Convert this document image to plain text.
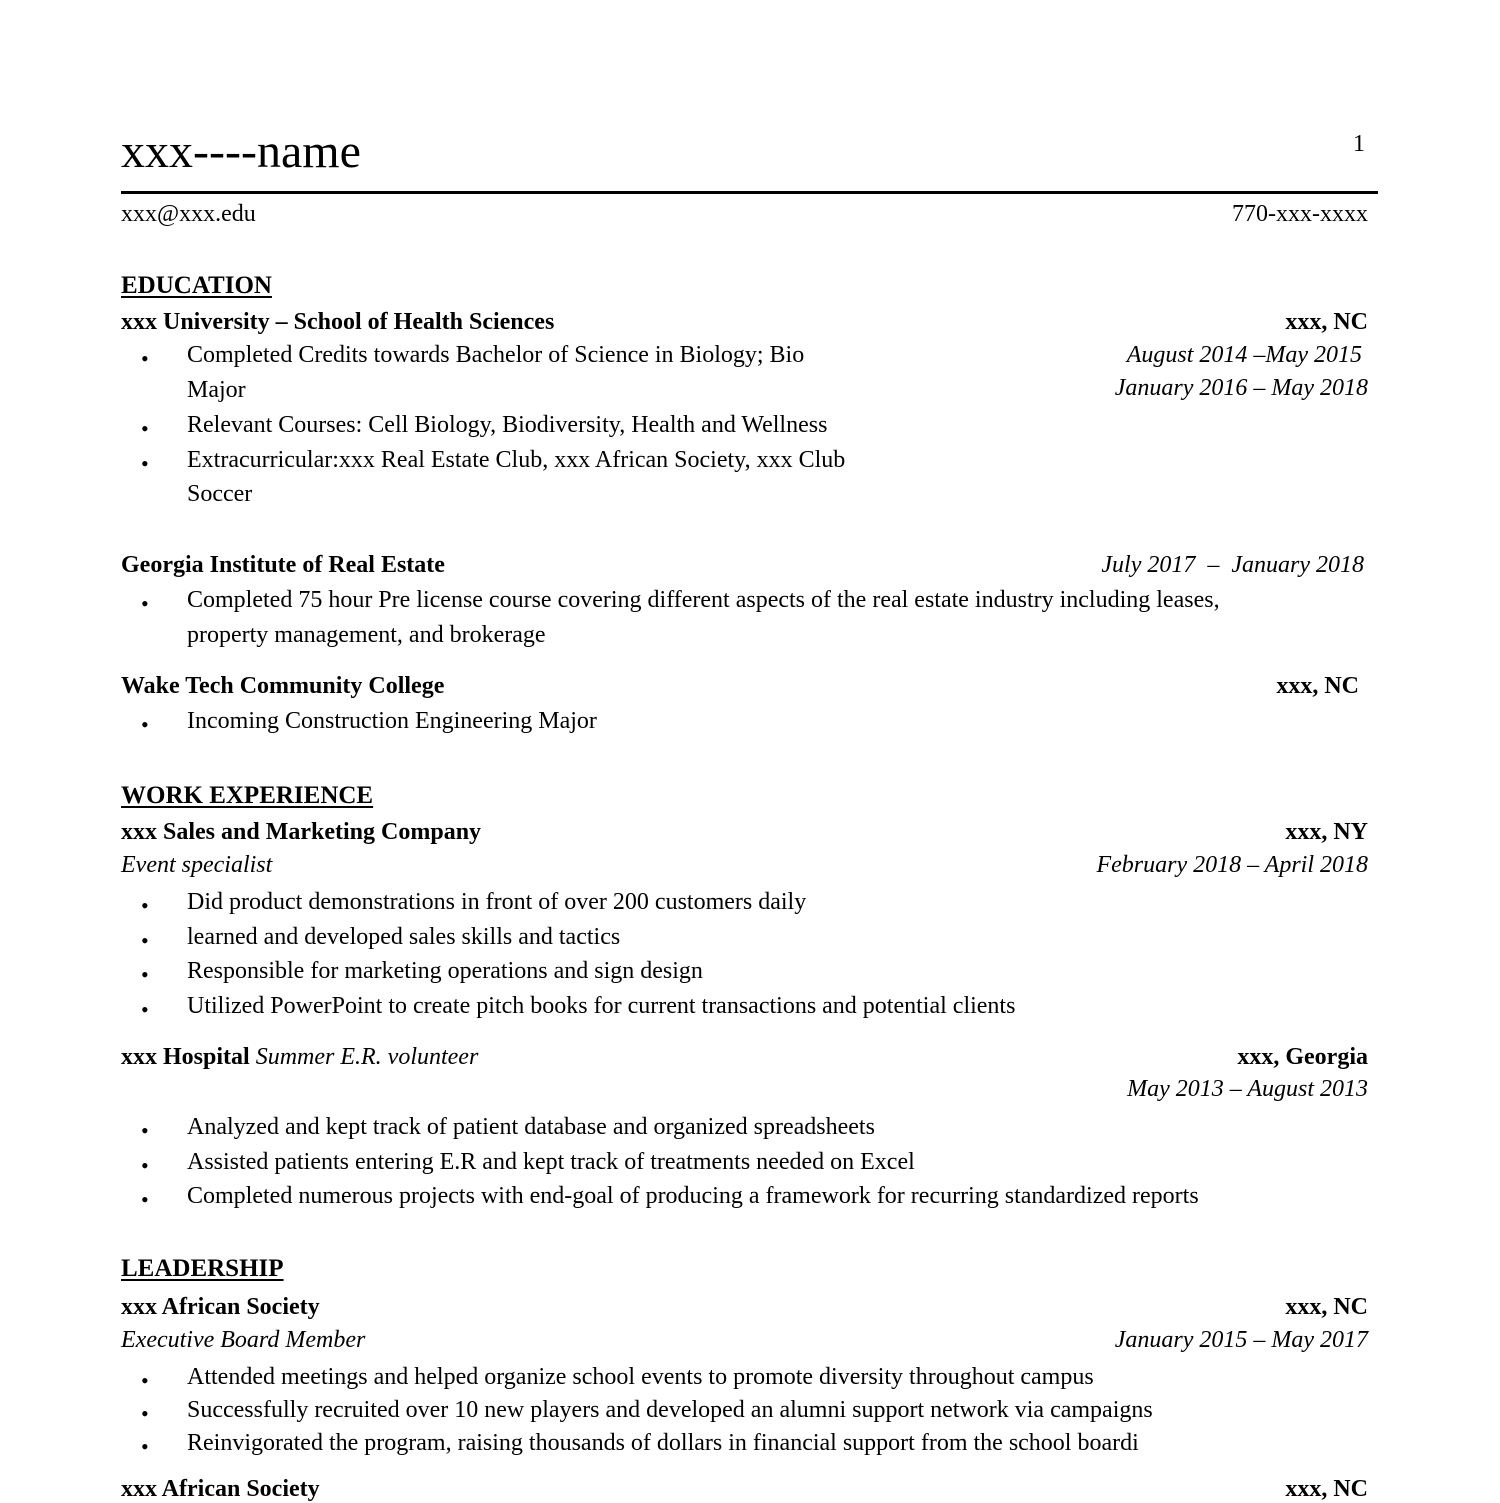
xxx----name	1
xxx@xxx.edu	770-xxx-xxxx
EDUCATION
xxx University – School of Health Sciences	xxx, NC
August 2014 –May 2015
January 2016 – May 2018
• Completed Credits towards Bachelor of Science in Biology; Bio
Major
• Relevant Courses: Cell Biology, Biodiversity, Health and Wellness
• Extracurricular:xxx Real Estate Club, xxx African Society, xxx Club
Soccer
Georgia Institute of Real Estate	July 2017  –  January 2018
• Completed 75 hour Pre license course covering different aspects of the real estate industry including leases,
property management, and brokerage
Wake Tech Community College	xxx, NC
• Incoming Construction Engineering Major
WORK EXPERIENCE
xxx Sales and Marketing Company	xxx, NY
Event specialist	February 2018 – April 2018
• Did product demonstrations in front of over 200 customers daily
• learned and developed sales skills and tactics
• Responsible for marketing operations and sign design
• Utilized PowerPoint to create pitch books for current transactions and potential clients
xxx Hospital Summer E.R. volunteer	xxx, Georgia
May 2013 – August 2013
• Analyzed and kept track of patient database and organized spreadsheets
• Assisted patients entering E.R and kept track of treatments needed on Excel
• Completed numerous projects with end-goal of producing a framework for recurring standardized reports
LEADERSHIP
xxx African Society	xxx, NC
Executive Board Member	January 2015 – May 2017
• Attended meetings and helped organize school events to promote diversity throughout campus
• Successfully recruited over 10 new players and developed an alumni support network via campaigns
• Reinvigorated the program, raising thousands of dollars in financial support from the school boardi
xxx African Society	xxx, NC
